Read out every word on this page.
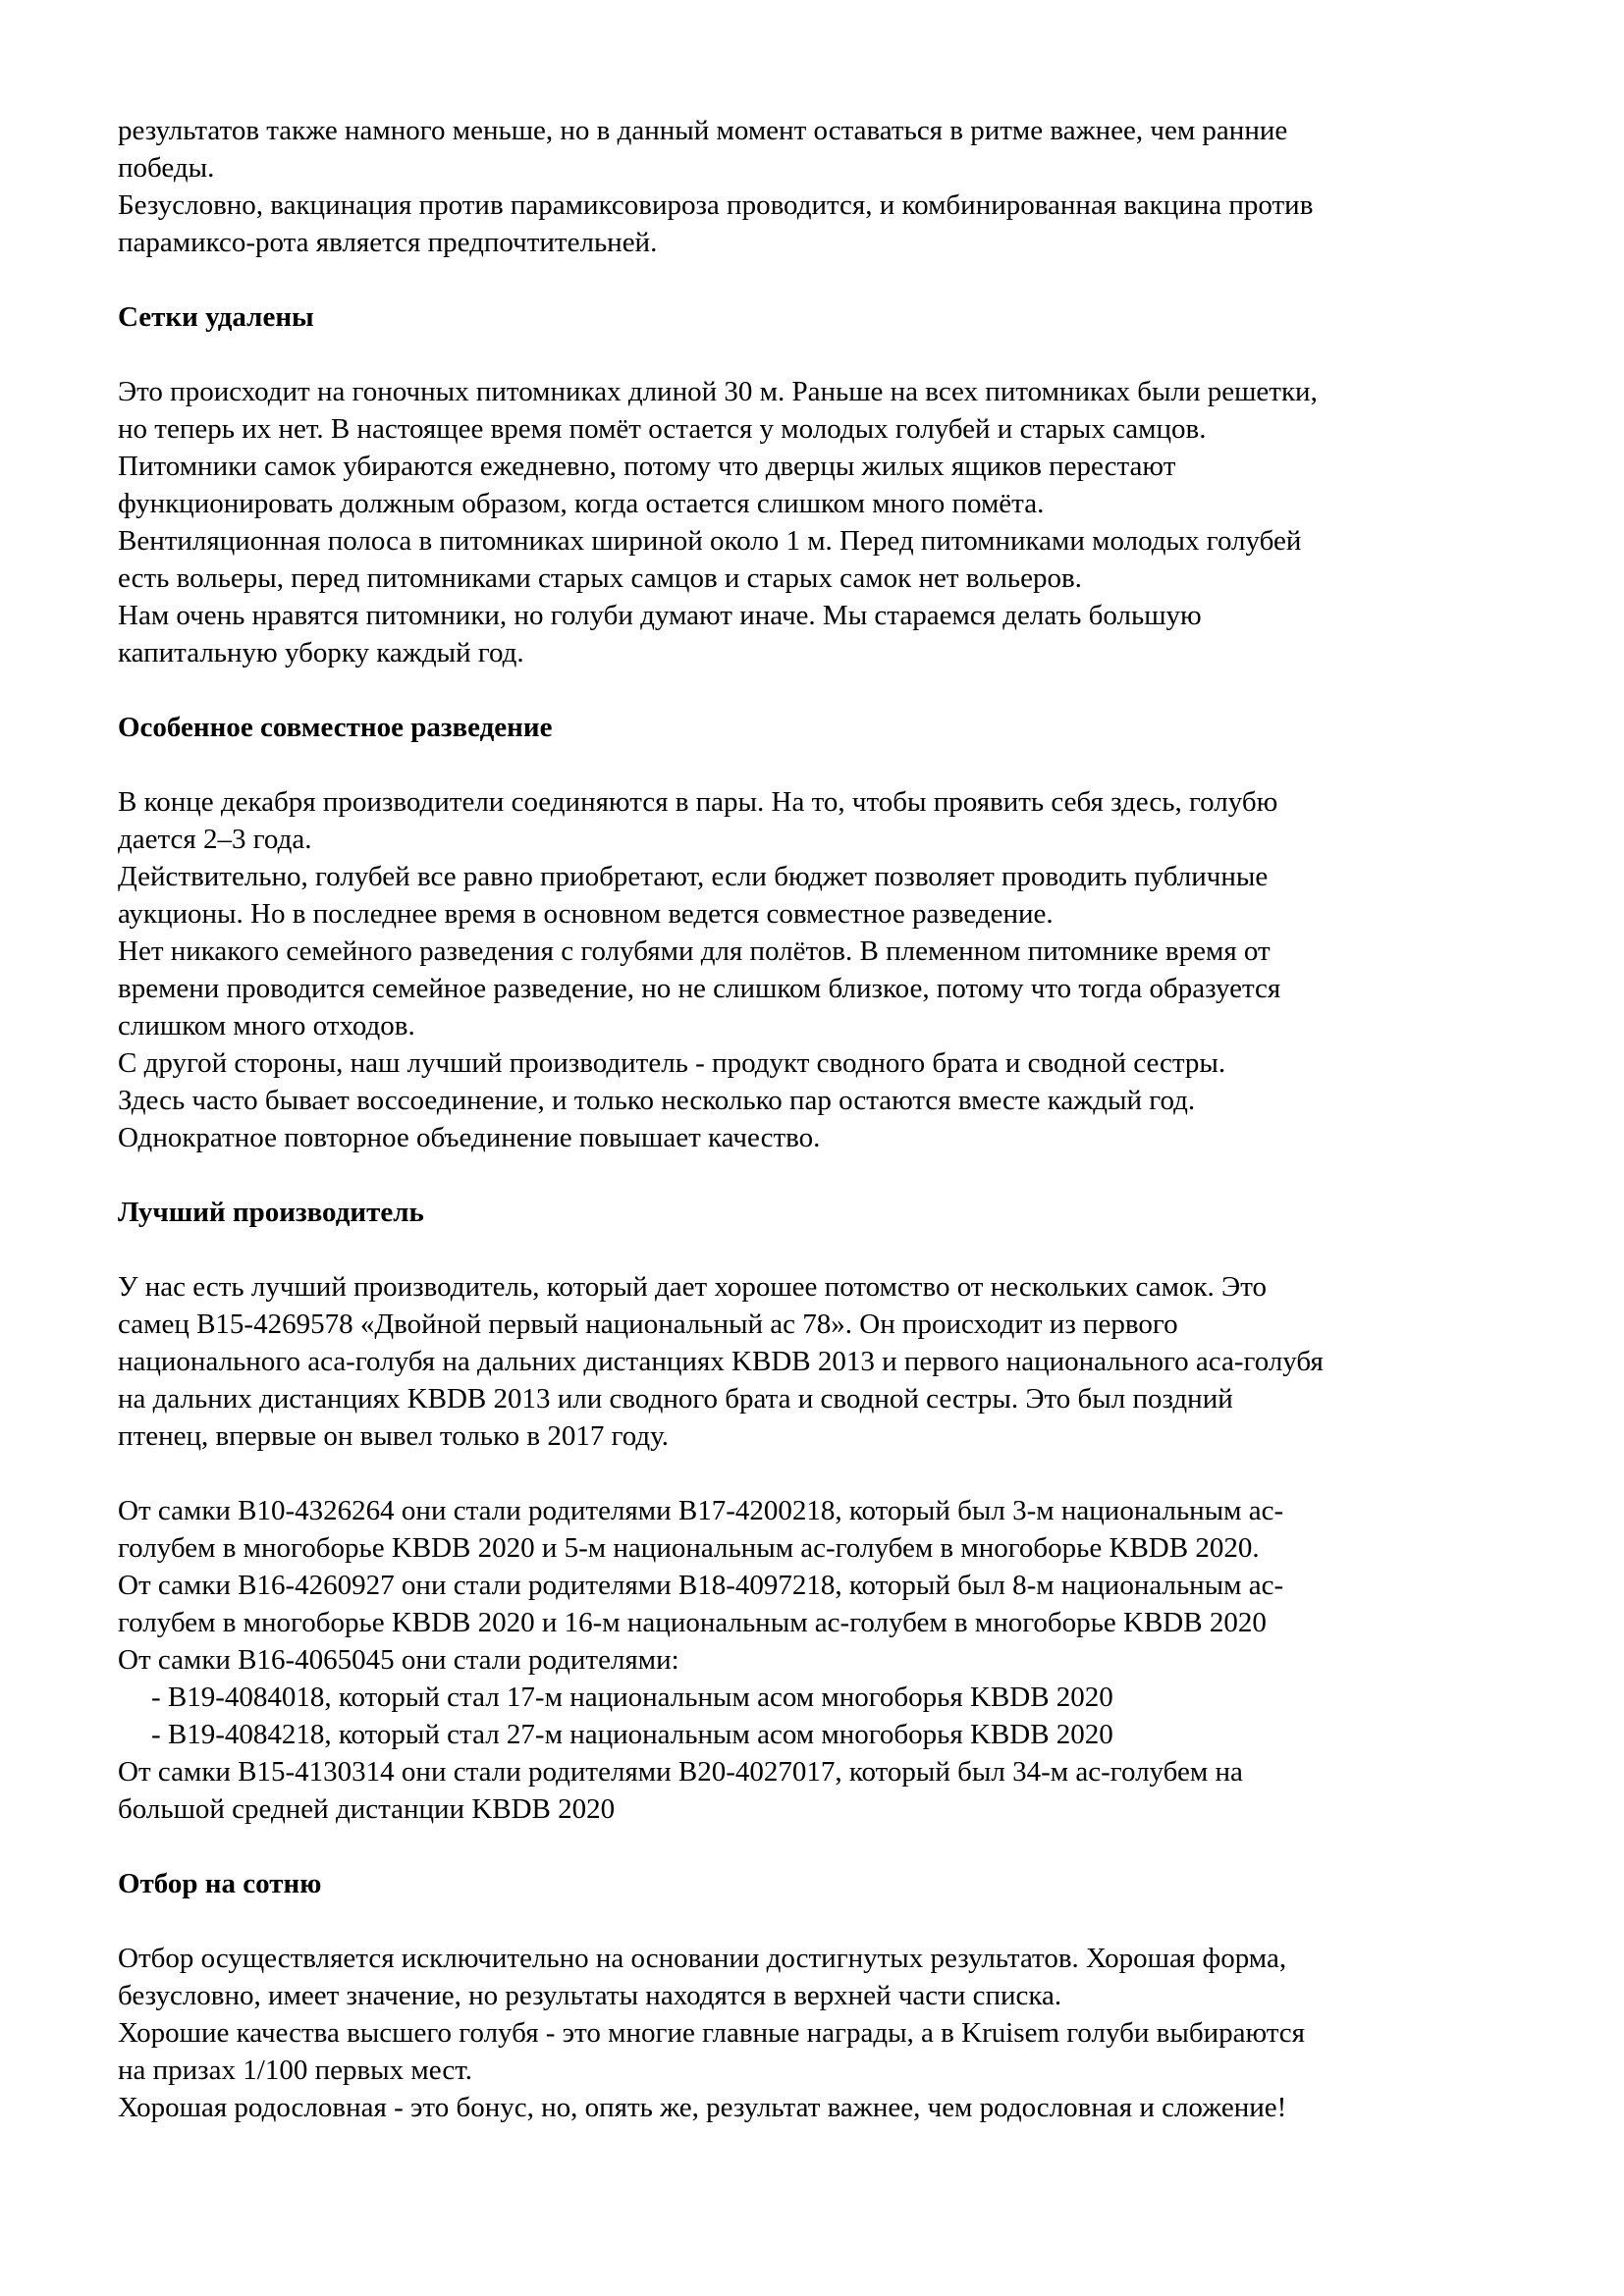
результатов также намного меньше, но в данный момент оставаться в ритме важнее, чем ранние

победы.

Безусловно, вакцинация против парамиксовироза проводится, и комбинированная вакцина против

парамиксо-рота является предпочтительней.

Сетки удалены

Это происходит на гоночных питомниках длиной 30 м. Раньше на всех питомниках были решетки,

но теперь их нет. В настоящее время помёт остается у молодых голубей и старых самцов.

Питомники самок убираются ежедневно, потому что дверцы жилых ящиков перестают

функционировать должным образом, когда остается слишком много помёта.

Вентиляционная полоса в питомниках шириной около 1 м. Перед питомниками молодых голубей

есть вольеры, перед питомниками старых самцов и старых самок нет вольеров.

Нам очень нравятся питомники, но голуби думают иначе. Мы стараемся делать большую

капитальную уборку каждый год.

Особенное совместное разведение

В конце декабря производители соединяются в пары. На то, чтобы проявить себя здесь, голубю

дается 2–3 года.

Действительно, голубей все равно приобретают, если бюджет позволяет проводить публичные

аукционы. Но в последнее время в основном ведется совместное разведение.

Нет никакого семейного разведения с голубями для полётов. В племенном питомнике время от

времени проводится семейное разведение, но не слишком близкое, потому что тогда образуется

слишком много отходов.

С другой стороны, наш лучший производитель - продукт сводного брата и сводной сестры.

Здесь часто бывает воссоединение, и только несколько пар остаются вместе каждый год.

Однократное повторное объединение повышает качество.

Лучший производитель

У нас есть лучший производитель, который дает хорошее потомство от нескольких самок. Это

самец B15-4269578 «Двойной первый национальный ас 78». Он происходит из первого

национального аса-голубя на дальних дистанциях KBDB 2013 и первого национального аса-голубя

на дальних дистанциях KBDB 2013 или сводного брата и сводной сестры. Это был поздний

птенец, впервые он вывел только в 2017 году.

От самки B10-4326264 они стали родителями B17-4200218, который был 3-м национальным ас-

голубем в многоборье KBDB 2020 и 5-м национальным ас-голубем в многоборье KBDB 2020.

От самки B16-4260927 они стали родителями B18-4097218, который был 8-м национальным ас-

голубем в многоборье KBDB 2020 и 16-м национальным ас-голубем в многоборье KBDB 2020

От самки B16-4065045 они стали родителями:

- B19-4084018, который стал 17-м национальным асом многоборья KBDB 2020
- B19-4084218, который стал 27-м национальным асом многоборья KBDB 2020

От самки B15-4130314 они стали родителями B20-4027017, который был 34-м ас-голубем на

большой средней дистанции KBDB 2020

Отбор на сотню

Отбор осуществляется исключительно на основании достигнутых результатов. Хорошая форма,

безусловно, имеет значение, но результаты находятся в верхней части списка.

Хорошие качества высшего голубя - это многие главные награды, а в Kruisem голуби выбираются

на призах 1/100 первых мест.

Хорошая родословная - это бонус, но, опять же, результат важнее, чем родословная и сложение!
